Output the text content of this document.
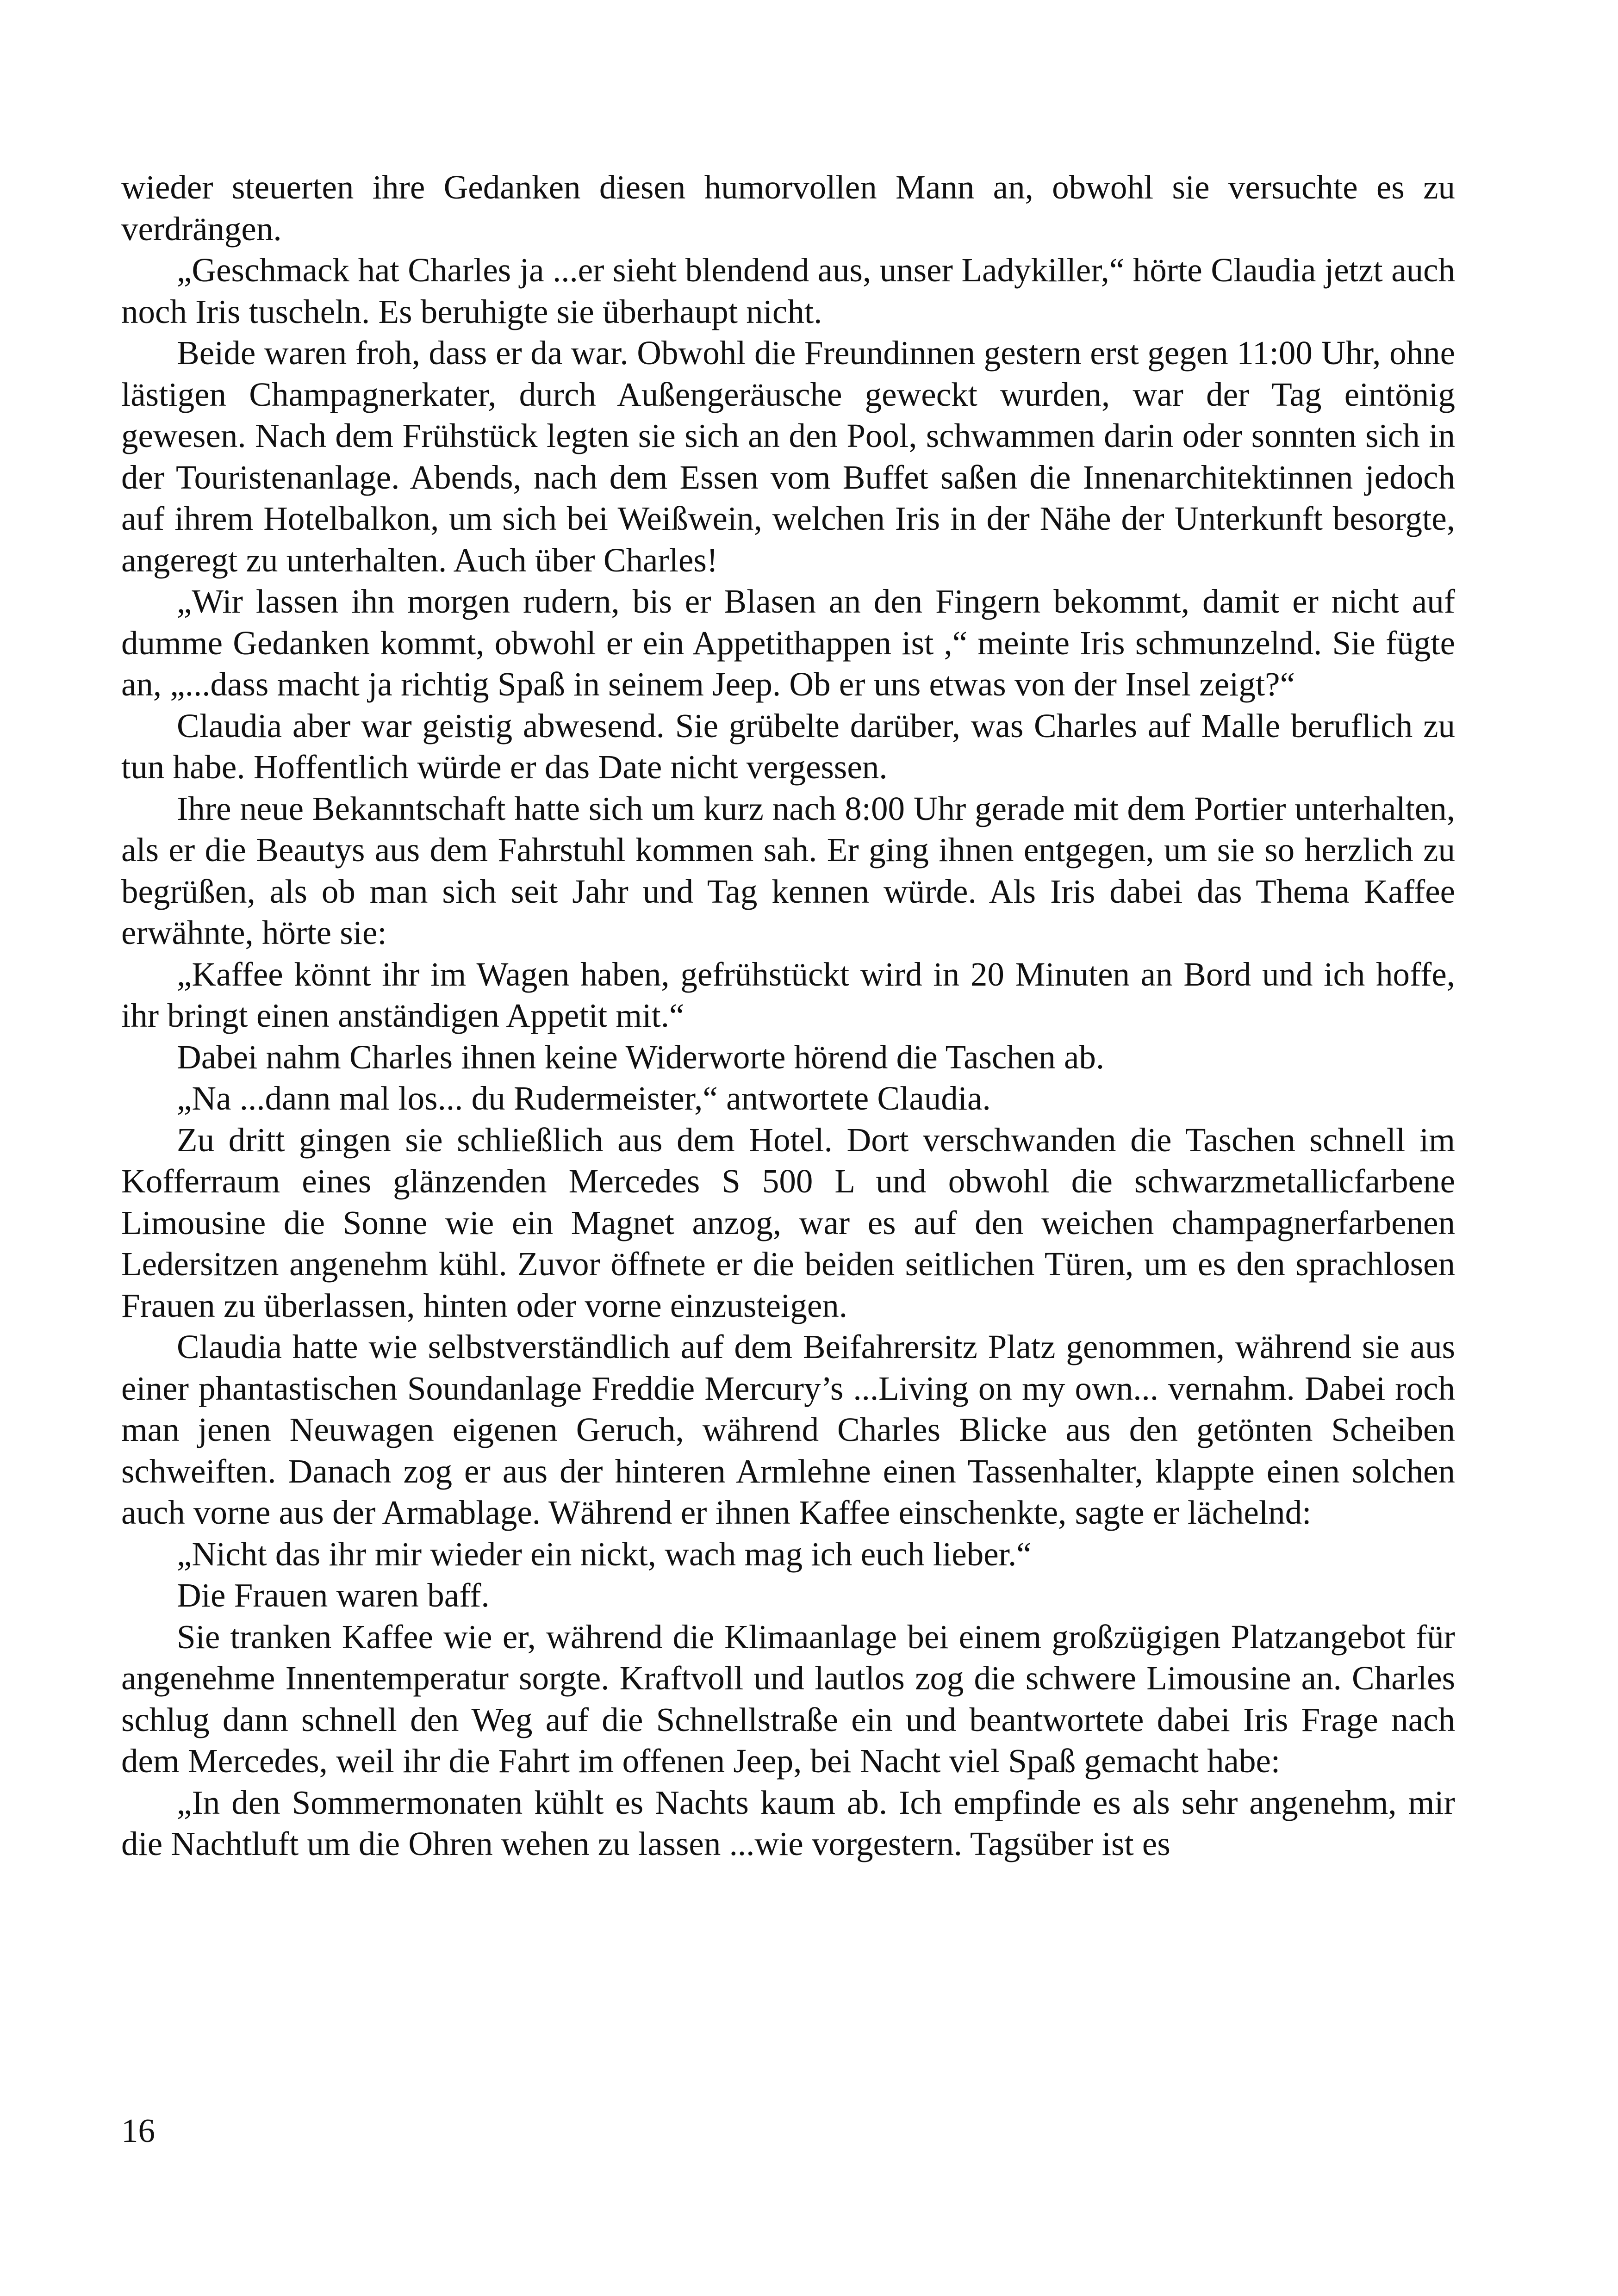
wieder steuerten ihre Gedanken diesen humorvollen Mann an, obwohl sie versuchte es zu verdrängen.

„Geschmack hat Charles ja ...er sieht blendend aus, unser Ladykiller,“ hörte Claudia jetzt auch noch Iris tuscheln. Es beruhigte sie überhaupt nicht.

Beide waren froh, dass er da war. Obwohl die Freundinnen gestern erst gegen 11:00 Uhr, ohne lästigen Champagnerkater, durch Außengeräusche geweckt wurden, war der Tag eintönig gewesen. Nach dem Frühstück legten sie sich an den Pool, schwammen darin oder sonnten sich in der Touristenanlage. Abends, nach dem Essen vom Buffet saßen die Innenarchitektinnen jedoch auf ihrem Hotelbalkon, um sich bei Weißwein, welchen Iris in der Nähe der Unterkunft besorgte, angeregt zu unterhalten. Auch über Charles!

„Wir lassen ihn morgen rudern, bis er Blasen an den Fingern bekommt, damit er nicht auf dumme Gedanken kommt, obwohl er ein Appetithappen ist ,“ meinte Iris schmunzelnd. Sie fügte an, „...dass macht ja richtig Spaß in seinem Jeep. Ob er uns etwas von der Insel zeigt?“

Claudia aber war geistig abwesend. Sie grübelte darüber, was Charles auf Malle beruflich zu tun habe. Hoffentlich würde er das Date nicht vergessen.

Ihre neue Bekanntschaft hatte sich um kurz nach 8:00 Uhr gerade mit dem Portier unterhalten, als er die Beautys aus dem Fahrstuhl kommen sah. Er ging ihnen entgegen, um sie so herzlich zu begrüßen, als ob man sich seit Jahr und Tag kennen würde. Als Iris dabei das Thema Kaffee erwähnte, hörte sie:

„Kaffee könnt ihr im Wagen haben, gefrühstückt wird in 20 Minuten an Bord und ich hoffe, ihr bringt einen anständigen Appetit mit.“

Dabei nahm Charles ihnen keine Widerworte hörend die Taschen ab.

„Na ...dann mal los... du Rudermeister,“ antwortete Claudia.

Zu dritt gingen sie schließlich aus dem Hotel. Dort verschwanden die Taschen schnell im Kofferraum eines glänzenden Mercedes S 500 L und obwohl die schwarzmetallicfarbene Limousine die Sonne wie ein Magnet anzog, war es auf den weichen champagnerfarbenen Ledersitzen angenehm kühl. Zuvor öffnete er die beiden seitlichen Türen, um es den sprachlosen Frauen zu überlassen, hinten oder vorne einzusteigen.

Claudia hatte wie selbstverständlich auf dem Beifahrersitz Platz genommen, während sie aus einer phantastischen Soundanlage Freddie Mercury’s ...Living on my own... vernahm. Dabei roch man jenen Neuwagen eigenen Geruch, während Charles Blicke aus den getönten Scheiben schweiften. Danach zog er aus der hinteren Armlehne einen Tassenhalter, klappte einen solchen auch vorne aus der Armablage. Während er ihnen Kaffee einschenkte, sagte er lächelnd:

„Nicht das ihr mir wieder ein nickt, wach mag ich euch lieber.“

Die Frauen waren baff.

Sie tranken Kaffee wie er, während die Klimaanlage bei einem großzügigen Platzangebot für angenehme Innentemperatur sorgte. Kraftvoll und lautlos zog die schwere Limousine an. Charles schlug dann schnell den Weg auf die Schnellstraße ein und beantwortete dabei Iris Frage nach dem Mercedes, weil ihr die Fahrt im offenen Jeep, bei Nacht viel Spaß gemacht habe:

„In den Sommermonaten kühlt es Nachts kaum ab. Ich empfinde es als sehr angenehm, mir die Nachtluft um die Ohren wehen zu lassen ...wie vorgestern. Tagsüber ist es

16
